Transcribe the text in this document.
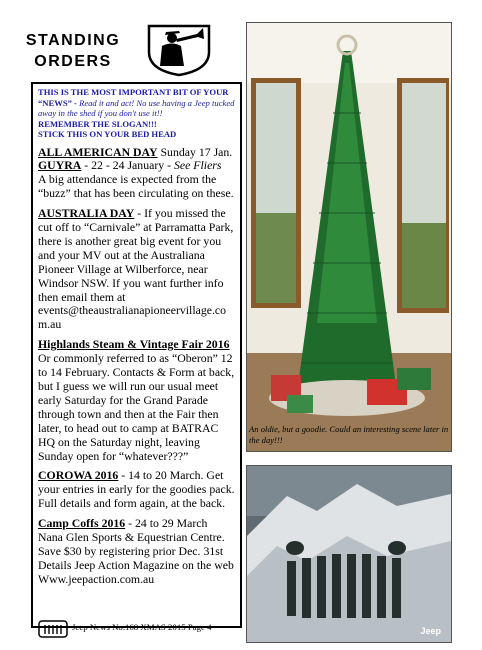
STANDING ORDERS
THIS IS THE MOST IMPORTANT BIT OF YOUR “NEWS” - Read it and act! No use having a Jeep tucked away in the shed if you don't use it!!
REMEMBER THE SLOGAN!!!
STICK THIS ON YOUR BED HEAD

ALL AMERICAN DAY Sunday 17 Jan.

GUYRA - 22 - 24 January - See Fliers

A big attendance is expected from the “buzz” that has been circulating on these.

AUSTRALIA DAY - If you missed the cut off to “Carnivale” at Parramatta Park, there is another great big event for you and your MV out at the Australiana Pioneer Village at Wilberforce, near Windsor NSW. If you want further info then email them at events@theaustralianapioneervillage.com.au

Highlands Steam & Vintage Fair 2016

Or commonly referred to as “Oberon” 12 to 14 February. Contacts & Form at back, but I guess we will run our usual meet early Saturday for the Grand Parade through town and then at the Fair then later, to head out to camp at BATRAC HQ on the Saturday night, leaving Sunday open for “whatever???”

COROWA 2016 - 14 to 20 March. Get your entries in early for the goodies pack. Full details and form again, at the back.

Camp Coffs 2016 - 24 to 29 March Nana Glen Sports & Equestrian Centre. Save $30 by registering prior Dec. 31st Details Jeep Action Magazine on the web Www.jeepaction.com.au

An oldie, but a goodie. Could an interesting scene later in the day!!!
Jeep
Jeep News No.168 XMAS 2015 Page 4
